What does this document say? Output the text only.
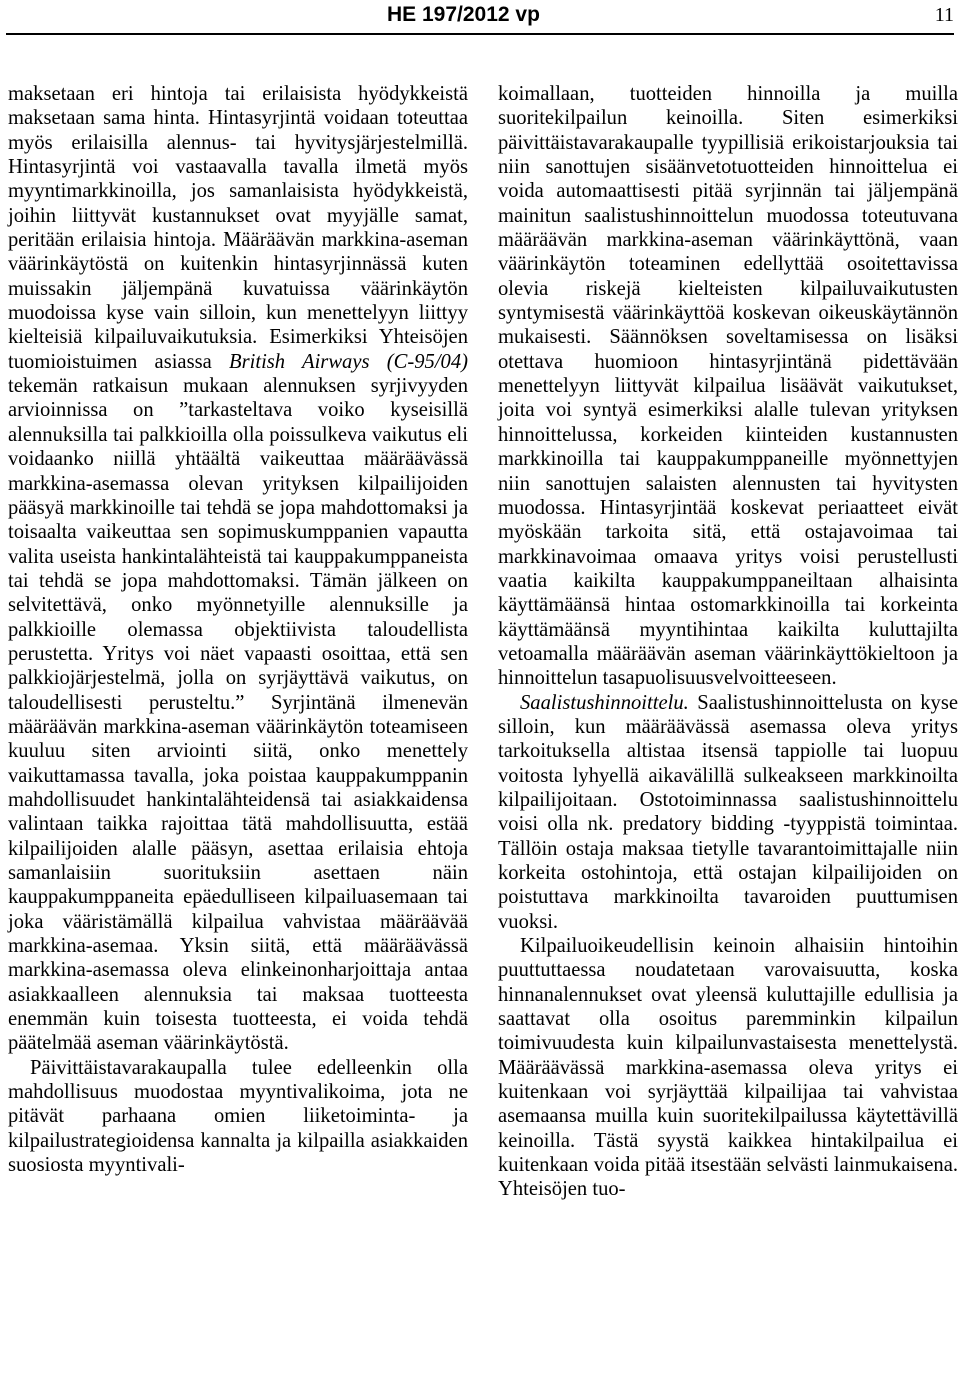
HE 197/2012 vp	11

maksetaan eri hintoja tai erilaisista hyödykkeistä maksetaan sama hinta. Hintasyrjintä voidaan toteuttaa myös erilaisilla alennus- tai hyvitysjärjestelmillä. Hintasyrjintä voi vastaavalla tavalla ilmetä myös myyntimarkkinoilla, jos samanlaisista hyödykkeistä, joihin liittyvät kustannukset ovat myyjälle samat, peritään erilaisia hintoja. Määräävän markkina-aseman väärinkäytöstä on kuitenkin hintasyrjinnässä kuten muissakin jäljempänä kuvatuissa väärinkäytön muodoissa kyse vain silloin, kun menettelyyn liittyy kielteisiä kilpailuvaikutuksia. Esimerkiksi Yhteisöjen tuomioistuimen asiassa British Airways (C-95/04) tekemän ratkaisun mukaan alennuksen syrjivyyden arvioinnissa on ”tarkasteltava voiko kyseisillä alennuksilla tai palkkioilla olla poissulkeva vaikutus eli voidaanko niillä yhtäältä vaikeuttaa määräävässä markkina-asemassa olevan yrityksen kilpailijoiden pääsyä markkinoille tai tehdä se jopa mahdottomaksi ja toisaalta vaikeuttaa sen sopimuskumppanien vapautta valita useista hankintalähteistä tai kauppakumppaneista tai tehdä se jopa mahdottomaksi. Tämän jälkeen on selvitettävä, onko myönnetyille alennuksille ja palkkioille olemassa objektiivista taloudellista perustetta. Yritys voi näet vapaasti osoittaa, että sen palkkiojärjestelmä, jolla on syrjäyttävä vaikutus, on taloudellisesti perusteltu.” Syrjintänä ilmenevän määräävän markkina-aseman väärinkäytön toteamiseen kuuluu siten arviointi siitä, onko menettely vaikuttamassa tavalla, joka poistaa kauppakumppanin mahdollisuudet hankintalähteidensä tai asiakkaidensa valintaan taikka rajoittaa tätä mahdollisuutta, estää kilpailijoiden alalle pääsyn, asettaa erilaisia ehtoja samanlaisiin suorituksiin asettaen näin kauppakumppaneita epäedulliseen kilpailuasemaan tai joka vääristämällä kilpailua vahvistaa määräävää markkina-asemaa. Yksin siitä, että määräävässä markkina-asemassa oleva elinkeinonharjoittaja antaa asiakkaalleen alennuksia tai maksaa tuotteesta enemmän kuin toisesta tuotteesta, ei voida tehdä päätelmää aseman väärinkäytöstä.

Päivittäistavarakaupalla tulee edelleenkin olla mahdollisuus muodostaa myyntivalikoima, jota ne pitävät parhaana omien liiketoiminta- ja kilpailustrategioidensa kannalta ja kilpailla asiakkaiden suosiosta myyntivali-

koimallaan, tuotteiden hinnoilla ja muilla suoritekilpailun keinoilla. Siten esimerkiksi päivittäistavarakaupalle tyypillisiä erikoistarjouksia tai niin sanottujen sisäänvetotuotteiden hinnoittelua ei voida automaattisesti pitää syrjinnän tai jäljempänä mainitun saalistushinnoittelun muodossa toteutuvana määräävän markkina-aseman väärinkäyttönä, vaan väärinkäytön toteaminen edellyttää osoitettavissa olevia riskejä kielteisten kilpailuvaikutusten syntymisestä väärinkäyttöä koskevan oikeuskäytännön mukaisesti. Säännöksen soveltamisessa on lisäksi otettava huomioon hintasyrjintänä pidettävään menettelyyn liittyvät kilpailua lisäävät vaikutukset, joita voi syntyä esimerkiksi alalle tulevan yrityksen hinnoittelussa, korkeiden kiinteiden kustannusten markkinoilla tai kauppakumppaneille myönnettyjen niin sanottujen salaisten alennusten tai hyvitysten muodossa. Hintasyrjintää koskevat periaatteet eivät myöskään tarkoita sitä, että ostajavoimaa tai markkinavoimaa omaava yritys voisi perustellusti vaatia kaikilta kauppakumppaneiltaan alhaisinta käyttämäänsä hintaa ostomarkkinoilla tai korkeinta käyttämäänsä myyntihintaa kaikilta kuluttajilta vetoamalla määräävän aseman väärinkäyttökieltoon ja hinnoittelun tasapuolisuusvelvoitteeseen.

Saalistushinnoittelu. Saalistushinnoittelusta on kyse silloin, kun määräävässä asemassa oleva yritys tarkoituksella altistaa itsensä tappiolle tai luopuu voitosta lyhyellä aikavälillä sulkeakseen markkinoilta kilpailijoitaan. Ostotoiminnassa saalistushinnoittelu voisi olla nk. predatory bidding -tyyppistä toimintaa. Tällöin ostaja maksaa tietylle tavarantoimittajalle niin korkeita ostohintoja, että ostajan kilpailijoiden on poistuttava markkinoilta tavaroiden puuttumisen vuoksi.

Kilpailuoikeudellisin keinoin alhaisiin hintoihin puuttuttaessa noudatetaan varovaisuutta, koska hinnanalennukset ovat yleensä kuluttajille edullisia ja saattavat olla osoitus paremminkin kilpailun toimivuudesta kuin kilpailunvastaisesta menettelystä. Määräävässä markkina-asemassa oleva yritys ei kuitenkaan voi syrjäyttää kilpailijaa tai vahvistaa asemaansa muilla kuin suoritekilpailussa käytettävillä keinoilla. Tästä syystä kaikkea hintakilpailua ei kuitenkaan voida pitää itsestään selvästi lainmukaisena. Yhteisöjen tuo-
